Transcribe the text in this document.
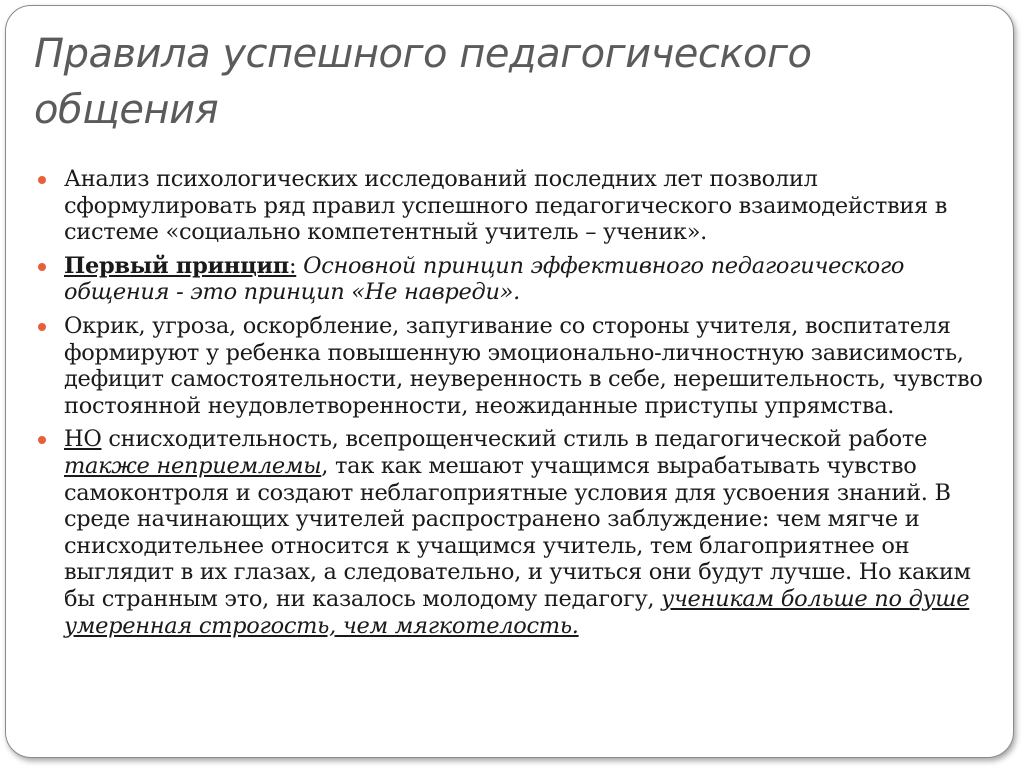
Правила успешного педагогического общения
Анализ психологических исследований последних лет позволил сформулировать ряд правил успешного педагогического взаимодействия в системе «социально компетентный учитель – ученик».
Первый принцип: Основной принцип эффективного педагогического общения - это принцип «Не навреди».
Окрик, угроза, оскорбление, запугивание со стороны учителя, воспитателя формируют у ребенка повышенную эмоционально-личностную зависимость, дефицит самостоятельности, неуверенность в себе, нерешительность, чувство постоянной неудовлетворенности, неожиданные приступы упрямства.
НО снисходительность, всепрощенческий стиль в педагогической работе также неприемлемы, так как мешают учащимся вырабатывать чувство самоконтроля и создают неблагоприятные условия для усвоения знаний. В среде начинающих учителей распространено заблуждение: чем мягче и снисходительнее относится к учащимся учитель, тем благоприятнее он выглядит в их глазах, а следовательно, и учиться они будут лучше. Но каким бы странным это, ни казалось молодому педагогу, ученикам больше по душе умеренная строгость, чем мягкотелость.
